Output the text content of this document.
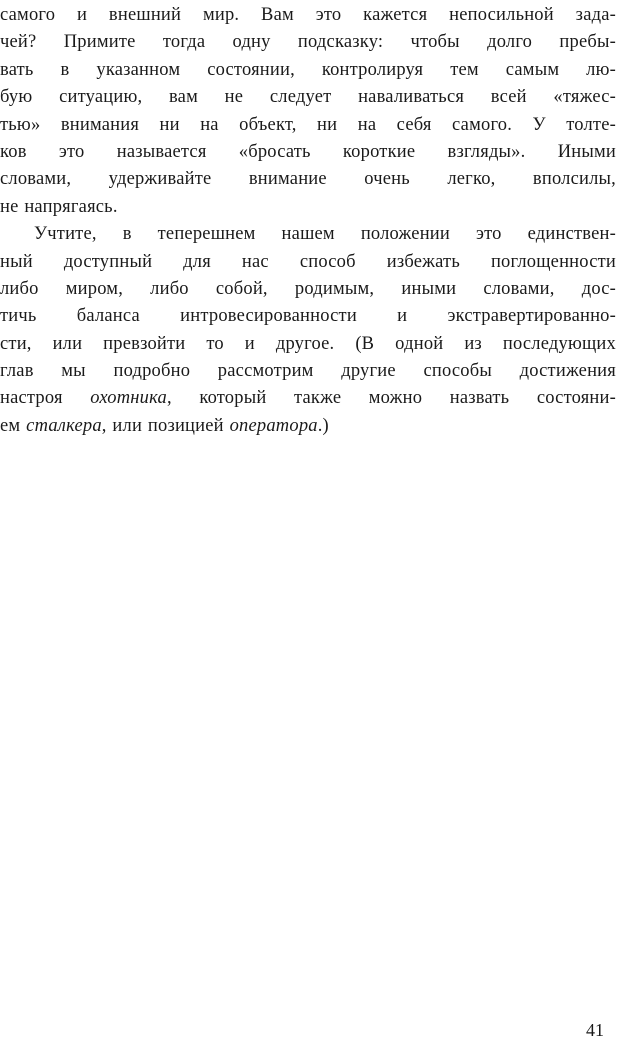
самого и внешний мир. Вам это кажется непосильной зада-
чей? Примите тогда одну подсказку: чтобы долго пребы-
вать в указанном состоянии, контролируя тем самым лю-
бую ситуацию, вам не следует наваливаться всей «тяжес-
тью» внимания ни на объект, ни на себя самого. У толте-
ков это называется «бросать короткие взгляды». Иными
словами, удерживайте внимание очень легко, вполсилы,
не напрягаясь.
Учтите, в теперешнем нашем положении это единствен-
ный доступный для нас способ избежать поглощенности
либо миром, либо собой, родимым, иными словами, дос-
тичь баланса интровесированности и экстравертированно-
сти, или превзойти то и другое. (В одной из последующих
глав мы подробно рассмотрим другие способы достижения
настроя охотника, который также можно назвать состояни-
ем сталкера, или позицией оператора.)
41
